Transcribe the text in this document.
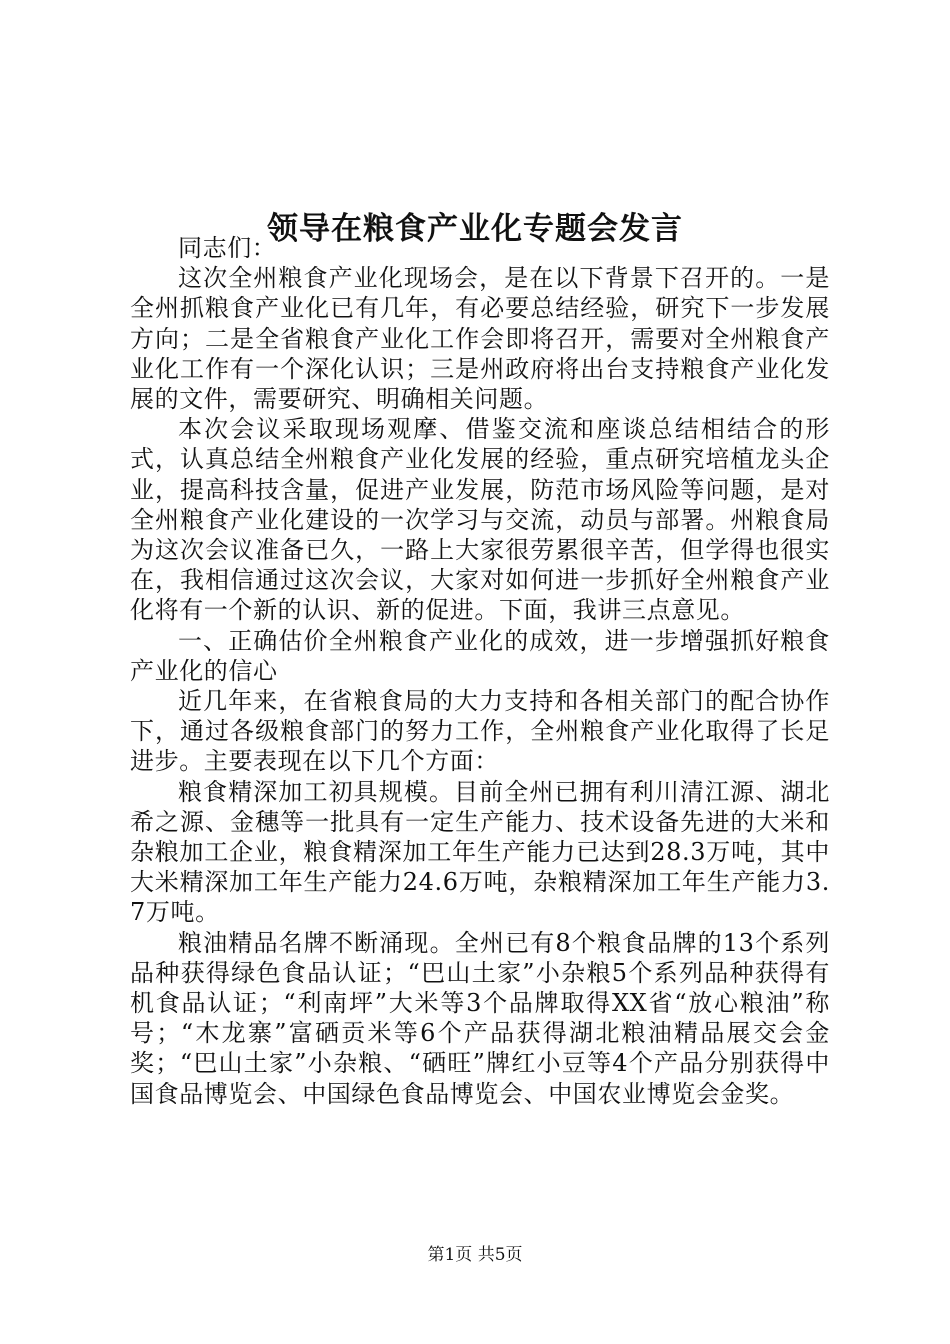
领导在粮食产业化专题会发言

同志们：

这次全州粮食产业化现场会，是在以下背景下召开的。一是全州抓粮食产业化已有几年，有必要总结经验，研究下一步发展方向；二是全省粮食产业化工作会即将召开，需要对全州粮食产业化工作有一个深化认识；三是州政府将出台支持粮食产业化发展的文件，需要研究、明确相关问题。

本次会议采取现场观摩、借鉴交流和座谈总结相结合的形式，认真总结全州粮食产业化发展的经验，重点研究培植龙头企业，提高科技含量，促进产业发展，防范市场风险等问题，是对全州粮食产业化建设的一次学习与交流，动员与部署。州粮食局为这次会议准备已久，一路上大家很劳累很辛苦，但学得也很实在，我相信通过这次会议，大家对如何进一步抓好全州粮食产业化将有一个新的认识、新的促进。下面，我讲三点意见。

一、正确估价全州粮食产业化的成效，进一步增强抓好粮食产业化的信心

近几年来，在省粮食局的大力支持和各相关部门的配合协作下，通过各级粮食部门的努力工作，全州粮食产业化取得了长足进步。主要表现在以下几个方面：

粮食精深加工初具规模。目前全州已拥有利川清江源、湖北希之源、金穗等一批具有一定生产能力、技术设备先进的大米和杂粮加工企业，粮食精深加工年生产能力已达到28.3万吨，其中大米精深加工年生产能力24.6万吨，杂粮精深加工年生产能力3.7万吨。

粮油精品名牌不断涌现。全州已有8个粮食品牌的13个系列品种获得绿色食品认证；“巴山土家”小杂粮5个系列品种获得有机食品认证；“利南坪”大米等3个品牌取得XX省“放心粮油”称号；“木龙寨”富硒贡米等6个产品获得湖北粮油精品展交会金奖；“巴山土家”小杂粮、“硒旺”牌红小豆等4个产品分别获得中国食品博览会、中国绿色食品博览会、中国农业博览会金奖。

第1页 共5页
